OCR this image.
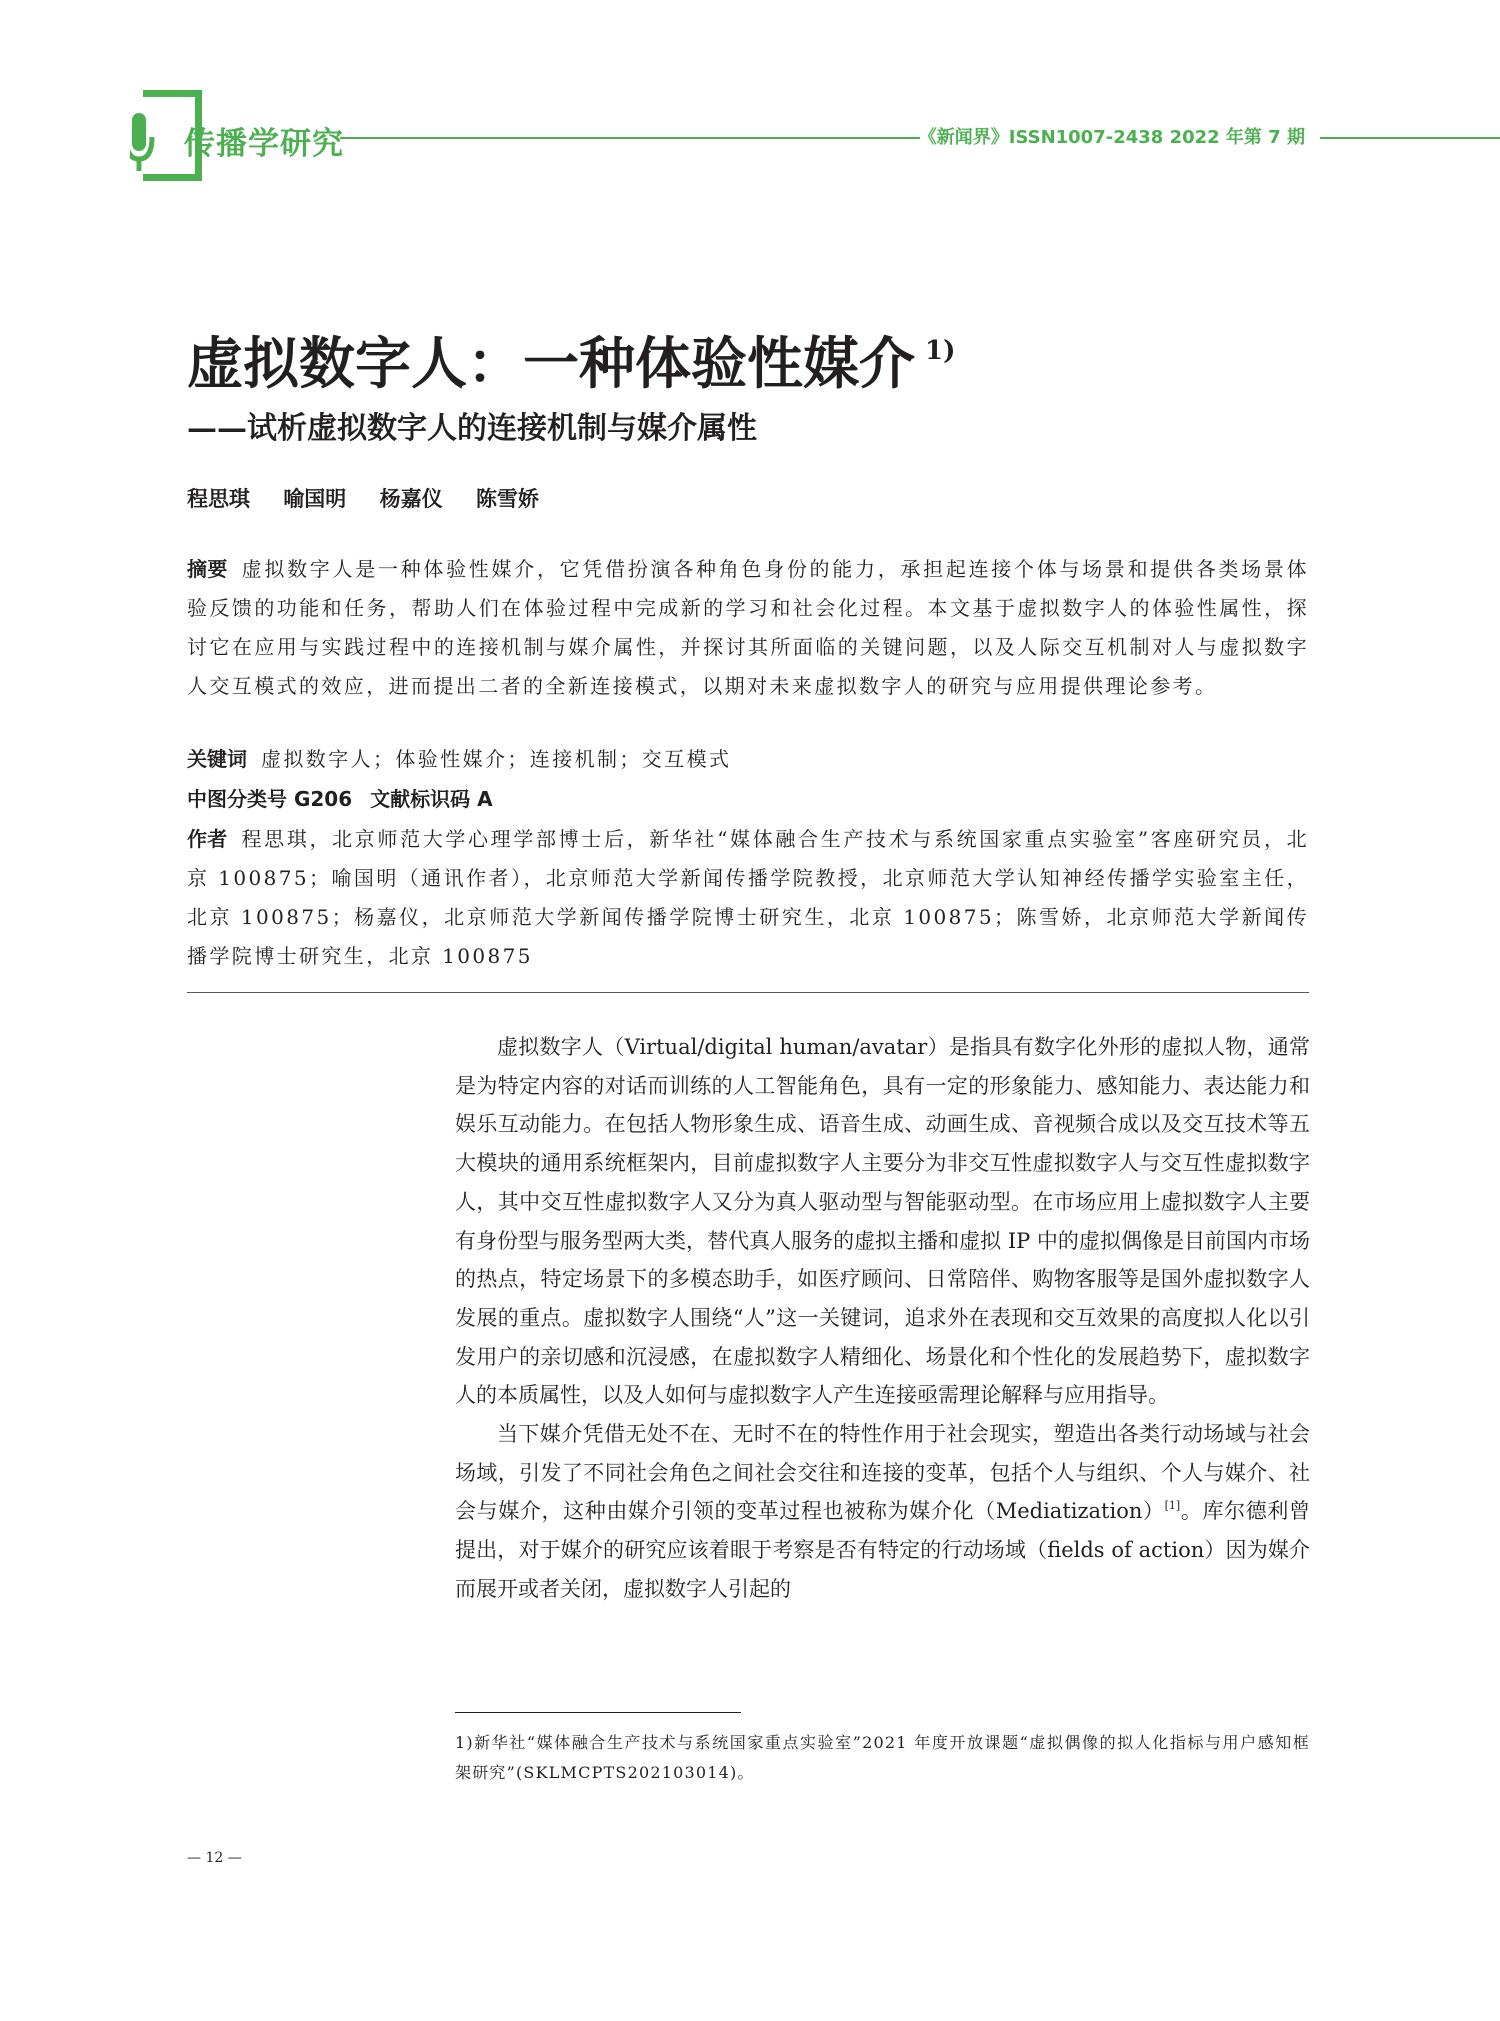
传播学研究	《新闻界》ISSN1007-2438 2022 年第 7 期
虚拟数字人：一种体验性媒介 $^{1)}$
——试析虚拟数字人的连接机制与媒介属性
程思琪 喻国明 杨嘉仪 陈雪娇
摘要 虚拟数字人是一种体验性媒介，它凭借扮演各种角色身份的能力，承担起连接个体与场景和提供各类场景体验反馈的功能和任务，帮助人们在体验过程中完成新的学习和社会化过程。本文基于虚拟数字人的体验性属性，探讨它在应用与实践过程中的连接机制与媒介属性，并探讨其所面临的关键问题，以及人际交互机制对人与虚拟数字人交互模式的效应，进而提出二者的全新连接模式，以期对未来虚拟数字人的研究与应用提供理论参考。
关键词 虚拟数字人；体验性媒介；连接机制；交互模式
中图分类号 G206 文献标识码 A
作者 程思琪，北京师范大学心理学部博士后，新华社“媒体融合生产技术与系统国家重点实验室”客座研究员，北京 100875；喻国明（通讯作者），北京师范大学新闻传播学院教授，北京师范大学认知神经传播学实验室主任，北京 100875；杨嘉仪，北京师范大学新闻传播学院博士研究生，北京 100875；陈雪娇，北京师范大学新闻传播学院博士研究生，北京 100875

虚拟数字人（Virtual/digital human/avatar）是指具有数字化外形的虚拟人物，通常是为特定内容的对话而训练的人工智能角色，具有一定的形象能力、感知能力、表达能力和娱乐互动能力。在包括人物形象生成、语音生成、动画生成、音视频合成以及交互技术等五大模块的通用系统框架内，目前虚拟数字人主要分为非交互性虚拟数字人与交互性虚拟数字人，其中交互性虚拟数字人又分为真人驱动型与智能驱动型。在市场应用上虚拟数字人主要有身份型与服务型两大类，替代真人服务的虚拟主播和虚拟 IP 中的虚拟偶像是目前国内市场的热点，特定场景下的多模态助手，如医疗顾问、日常陪伴、购物客服等是国外虚拟数字人发展的重点。虚拟数字人围绕“人”这一关键词，追求外在表现和交互效果的高度拟人化以引发用户的亲切感和沉浸感，在虚拟数字人精细化、场景化和个性化的发展趋势下，虚拟数字人的本质属性，以及人如何与虚拟数字人产生连接亟需理论解释与应用指导。

当下媒介凭借无处不在、无时不在的特性作用于社会现实，塑造出各类行动场域与社会场域，引发了不同社会角色之间社会交往和连接的变革，包括个人与组织、个人与媒介、社会与媒介，这种由媒介引领的变革过程也被称为媒介化（Mediatization）[1]。库尔德利曾提出，对于媒介的研究应该着眼于考察是否有特定的行动场域（fields of action）因为媒介而展开或者关闭，虚拟数字人引起的

1)新华社“媒体融合生产技术与系统国家重点实验室”2021 年度开放课题“虚拟偶像的拟人化指标与用户感知框架研究”(SKLMCPTS202103014)。
— 12 —
